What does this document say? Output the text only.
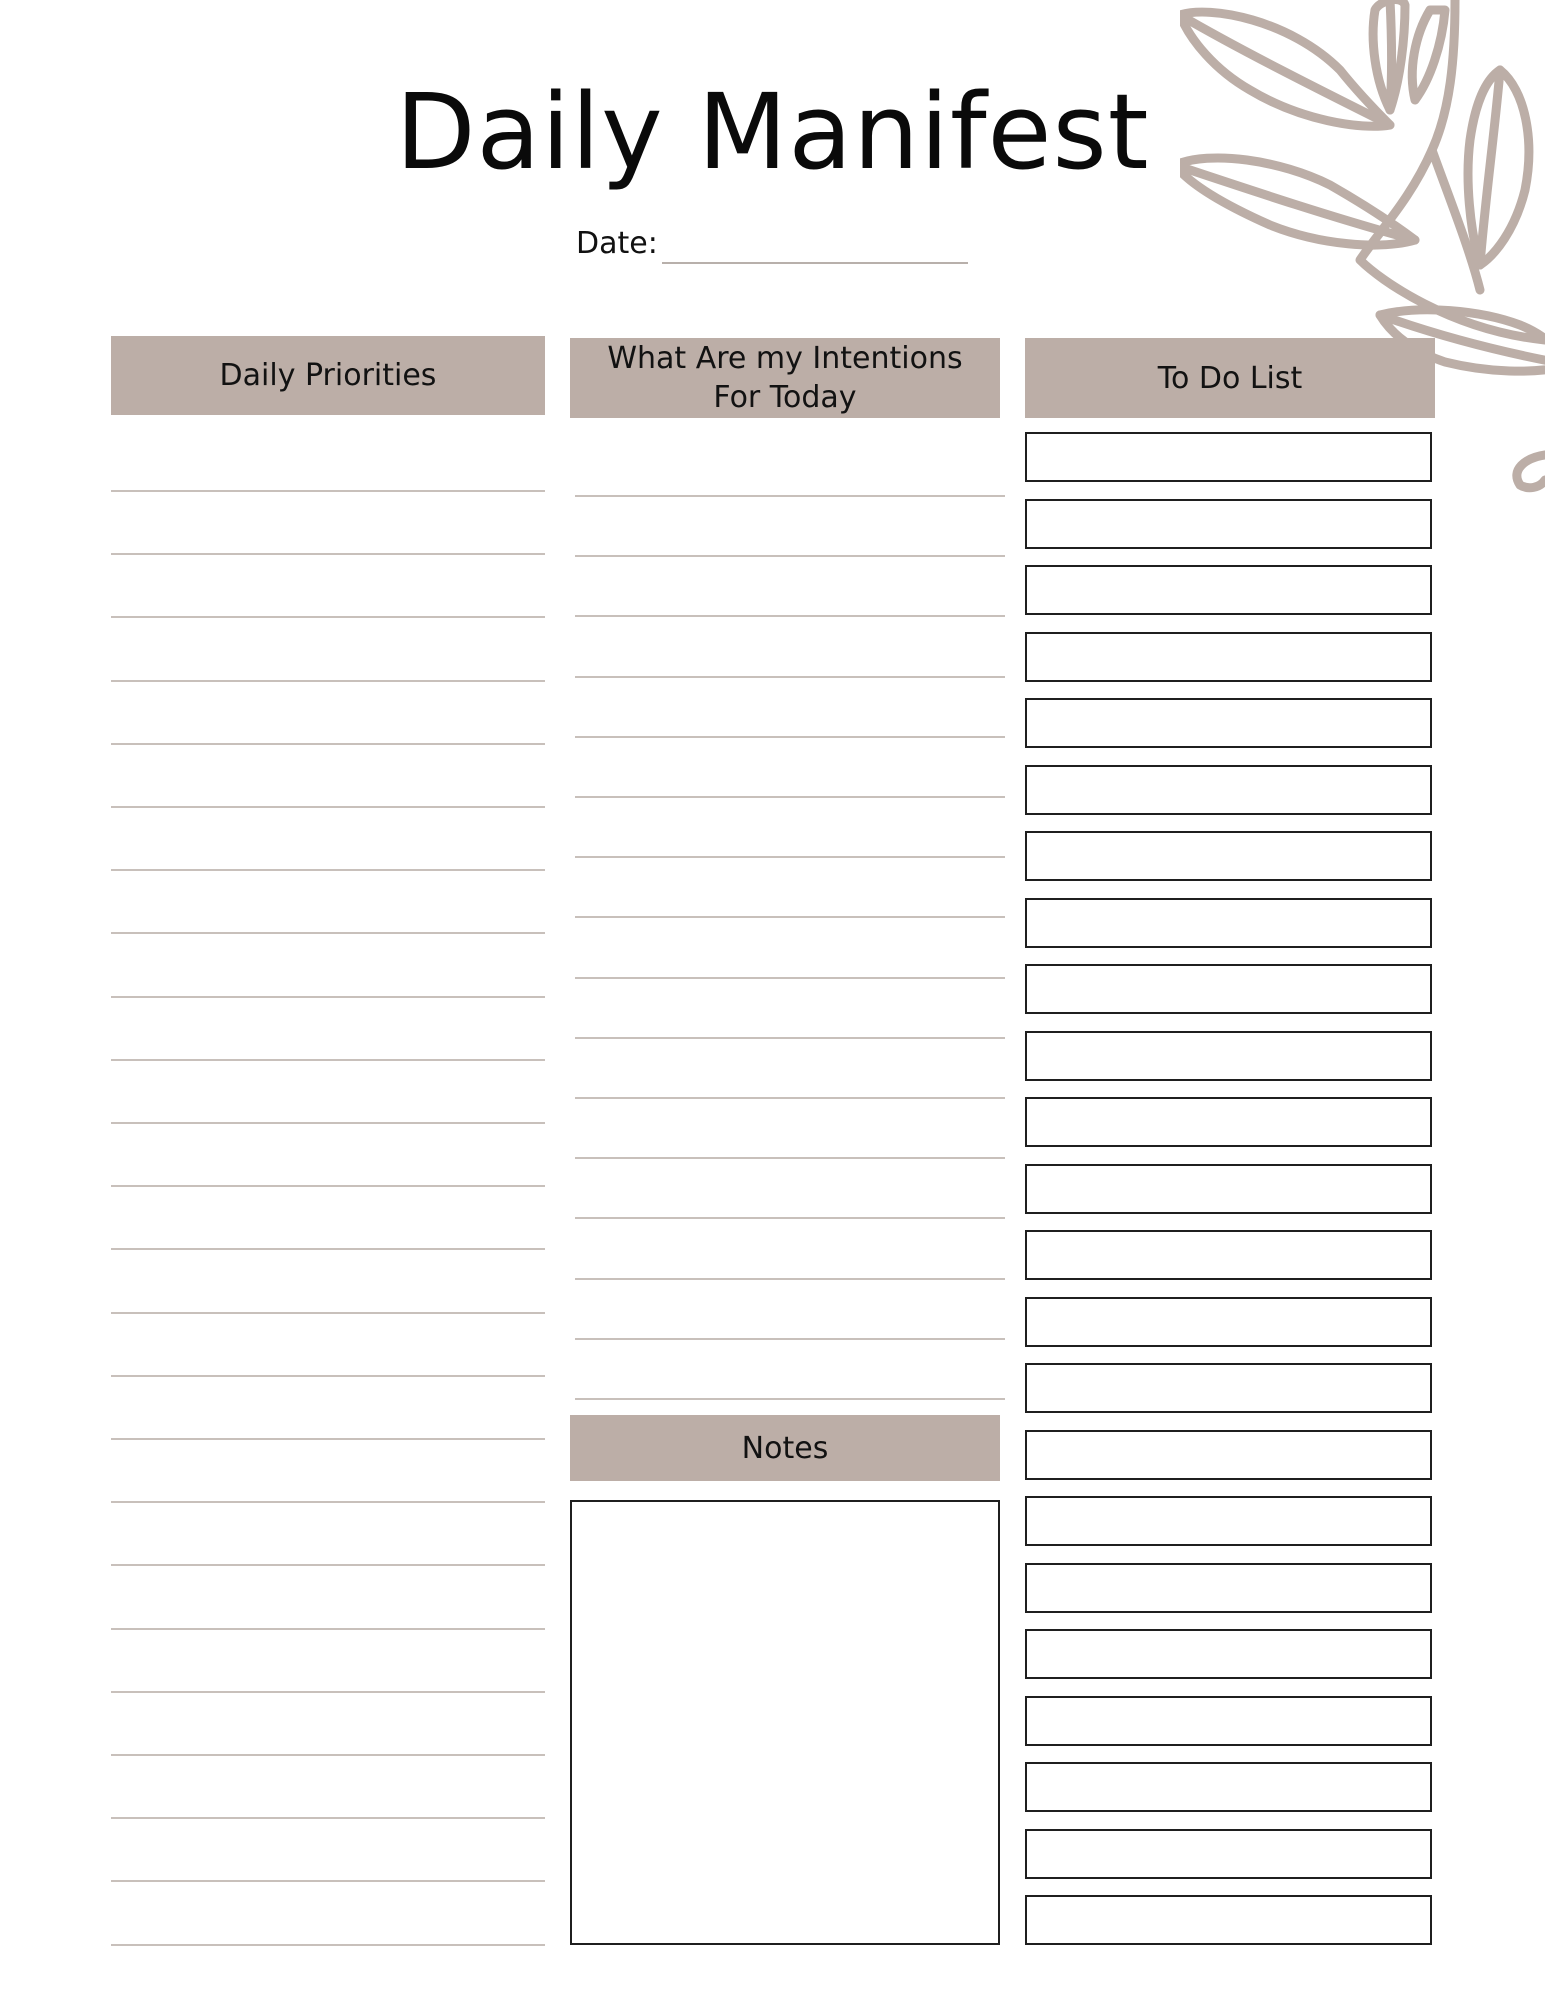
Daily Manifest
Date:
Daily Priorities	What Are my Intentions
For Today
To Do List
Notes
